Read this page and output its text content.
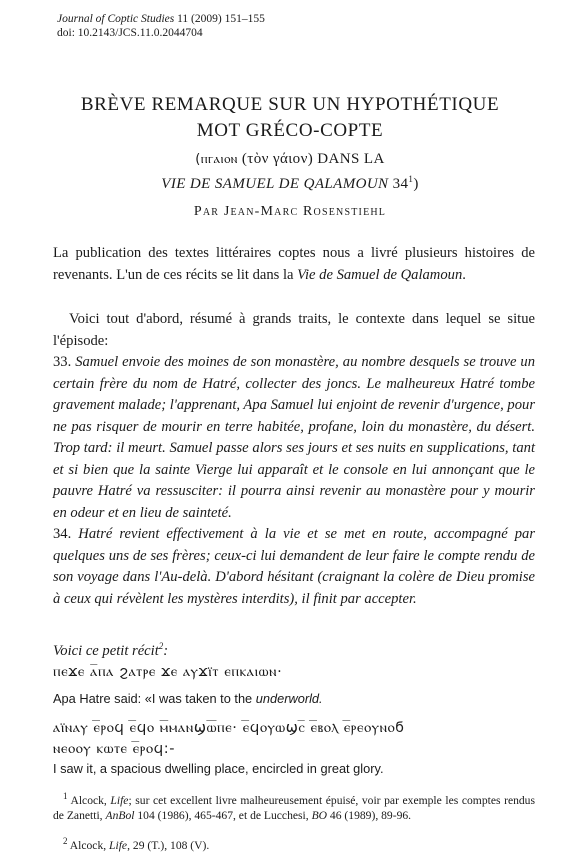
Journal of Coptic Studies 11 (2009) 151–155
doi: 10.2143/JCS.11.0.2044704
BRÈVE REMARQUE SUR UN HYPOTHÉTIQUE
MOT GRÉCO-COPTE
(ⲡⲅⲁⲓⲟⲛ (τὸν γάιον) DANS LA
VIE DE SAMUEL DE QALAMOUN $34^1$)
Par Jean-Marc Rosenstiehl
La publication des textes littéraires coptes nous a livré plusieurs histoires de revenants. L'un de ces récits se lit dans la Vie de Samuel de Qalamoun.
Voici tout d'abord, résumé à grands traits, le contexte dans lequel se situe l'épisode:
33. Samuel envoie des moines de son monastère, au nombre desquels se trouve un certain frère du nom de Hatré, collecter des joncs. Le malheureux Hatré tombe gravement malade; l'apprenant, Apa Samuel lui enjoint de revenir d'urgence, pour ne pas risquer de mourir en terre habitée, profane, loin du monastère, du désert. Trop tard: il meurt. Samuel passe alors ses jours et ses nuits en supplications, tant et si bien que la sainte Vierge lui apparaît et le console en lui annonçant que le pauvre Hatré va ressusciter: il pourra ainsi revenir au monastère pour y mourir en odeur et en lieu de sainteté.
34. Hatré revient effectivement à la vie et se met en route, accompagné par quelques uns de ses frères; ceux-ci lui demandent de leur faire le compte rendu de son voyage dans l'Au-delà. D'abord hésitant (craignant la colère de Dieu promise à ceux qui révèlent les mystères interdits), il finit par accepter.
Voici ce petit récit$^2$:
ⲡⲉϫⲉ ⲁ̅ⲡⲁ ϩⲁⲧⲣⲉ ϫⲉ ⲁⲩϫⲓ̈ⲧ ⲉⲡⲕⲁⲓⲱⲛ·
Apa Hatre said: «I was taken to the underworld.
ⲁⲓ̈ⲛⲁⲩ ⲉ̅ⲣⲟϥ ⲉ̅ϥⲟ ⲙ̅ⲙⲁⲛϣⲱ̅ⲡⲉ· ⲉ̅ϥⲟⲩⲱϣⲥ̅ ⲉ̅ⲃⲟⲗ ⲉ̅ⲣⲉⲟⲩⲛⲟϭ
ⲛⲉⲟⲟⲩ ⲕⲱⲧⲉ ⲉ̅ⲣⲟϥ:-
I saw it, a spacious dwelling place, encircled in great glory.
$^1$ Alcock, Life; sur cet excellent livre malheureusement épuisé, voir par exemple les comptes rendus de Zanetti, AnBol 104 (1986), 465-467, et de Lucchesi, BO 46 (1989), 89-96.
$^2$ Alcock, Life, 29 (T.), 108 (V).
